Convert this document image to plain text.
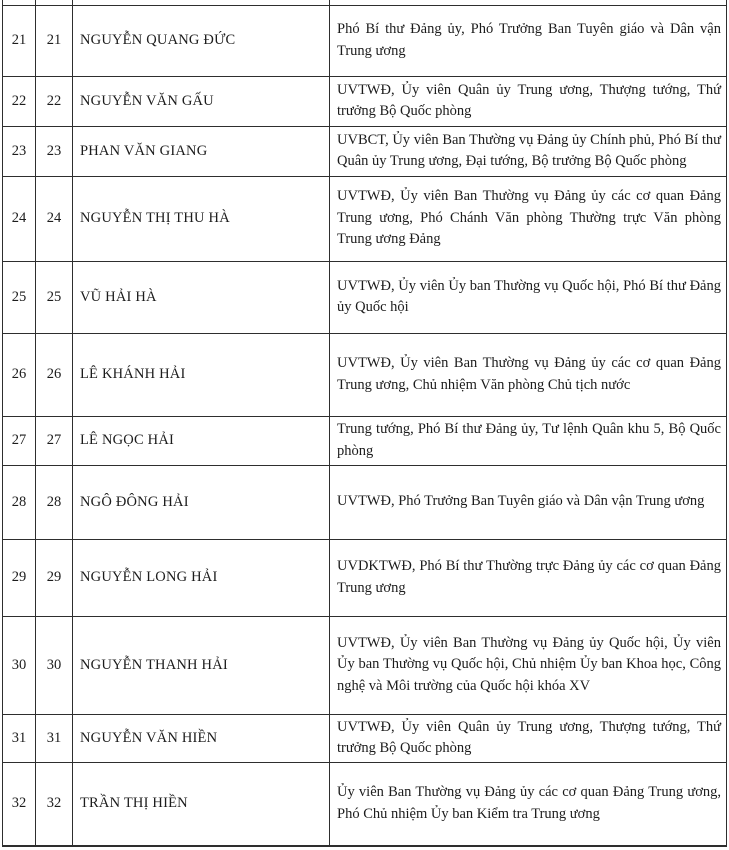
21	21	NGUYỄN QUANG ĐỨC	Phó Bí thư Đảng ủy, Phó Trưởng Ban Tuyên giáo và Dân vận Trung ương
22	22	NGUYỄN VĂN GẤU	UVTWĐ, Ủy viên Quân ủy Trung ương, Thượng tướng, Thứ trưởng Bộ Quốc phòng
23	23	PHAN VĂN GIANG	UVBCT, Ủy viên Ban Thường vụ Đảng ủy Chính phủ, Phó Bí thư Quân ủy Trung ương, Đại tướng, Bộ trưởng Bộ Quốc phòng
24	24	NGUYỄN THỊ THU HÀ	UVTWĐ, Ủy viên Ban Thường vụ Đảng ủy các cơ quan Đảng Trung ương, Phó Chánh Văn phòng Thường trực Văn phòng Trung ương Đảng
25	25	VŨ HẢI HÀ	UVTWĐ, Ủy viên Ủy ban Thường vụ Quốc hội, Phó Bí thư Đảng ủy Quốc hội
26	26	LÊ KHÁNH HẢI	UVTWĐ, Ủy viên Ban Thường vụ Đảng ủy các cơ quan Đảng Trung ương, Chủ nhiệm Văn phòng Chủ tịch nước
27	27	LÊ NGỌC HẢI	Trung tướng, Phó Bí thư Đảng ủy, Tư lệnh Quân khu 5, Bộ Quốc phòng
28	28	NGÔ ĐÔNG HẢI	UVTWĐ, Phó Trưởng Ban Tuyên giáo và Dân vận Trung ương
29	29	NGUYỄN LONG HẢI	UVDKTWĐ, Phó Bí thư Thường trực Đảng ủy các cơ quan Đảng Trung ương
30	30	NGUYỄN THANH HẢI	UVTWĐ, Ủy viên Ban Thường vụ Đảng ủy Quốc hội, Ủy viên Ủy ban Thường vụ Quốc hội, Chủ nhiệm Ủy ban Khoa học, Công nghệ và Môi trường của Quốc hội khóa XV
31	31	NGUYỄN VĂN HIỀN	UVTWĐ, Ủy viên Quân ủy Trung ương, Thượng tướng, Thứ trưởng Bộ Quốc phòng
32	32	TRẦN THỊ HIỀN	Ủy viên Ban Thường vụ Đảng ủy các cơ quan Đảng Trung ương, Phó Chủ nhiệm Ủy ban Kiểm tra Trung ương
